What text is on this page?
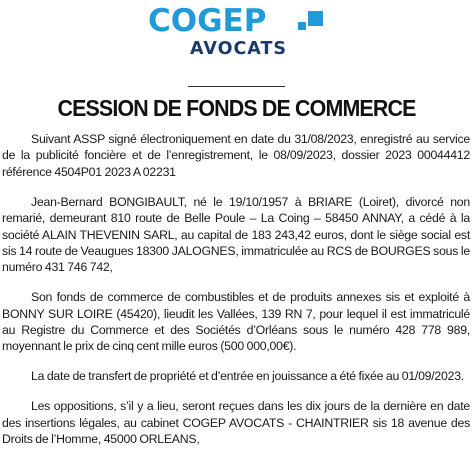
COGEP
AVOCATS
CESSION DE FONDS DE COMMERCE

Suivant ASSP signé électroniquement en date du 31/08/2023, enregistré au service de la publicité foncière et de l’enregistrement, le 08/09/2023, dossier 2023 00044412 référence 4504P01 2023 A 02231

Jean-Bernard BONGIBAULT, né le 19/10/1957 à BRIARE (Loiret), divorcé non remarié, demeurant 810 route de Belle Poule – La Coing – 58450 ANNAY, a cédé à la société ALAIN THEVENIN SARL, au capital de 183 243,42 euros, dont le siège social est sis 14 route de Veaugues 18300 JALOGNES, immatriculée au RCS de BOURGES sous le numéro 431 746 742,

Son fonds de commerce de combustibles et de produits annexes sis et exploité à BONNY SUR LOIRE (45420), lieudit les Vallées, 139 RN 7, pour lequel il est immatriculé au Registre du Commerce et des Sociétés d’Orléans sous le numéro 428 778 989, moyennant le prix de cinq cent mille euros (500 000,00€).

La date de transfert de propriété et d’entrée en jouissance a été fixée au 01/09/2023.

Les oppositions, s’il y a lieu, seront reçues dans les dix jours de la dernière en date des insertions légales, au cabinet COGEP AVOCATS - CHAINTRIER sis 18 avenue des Droits de l’Homme, 45000 ORLEANS,
